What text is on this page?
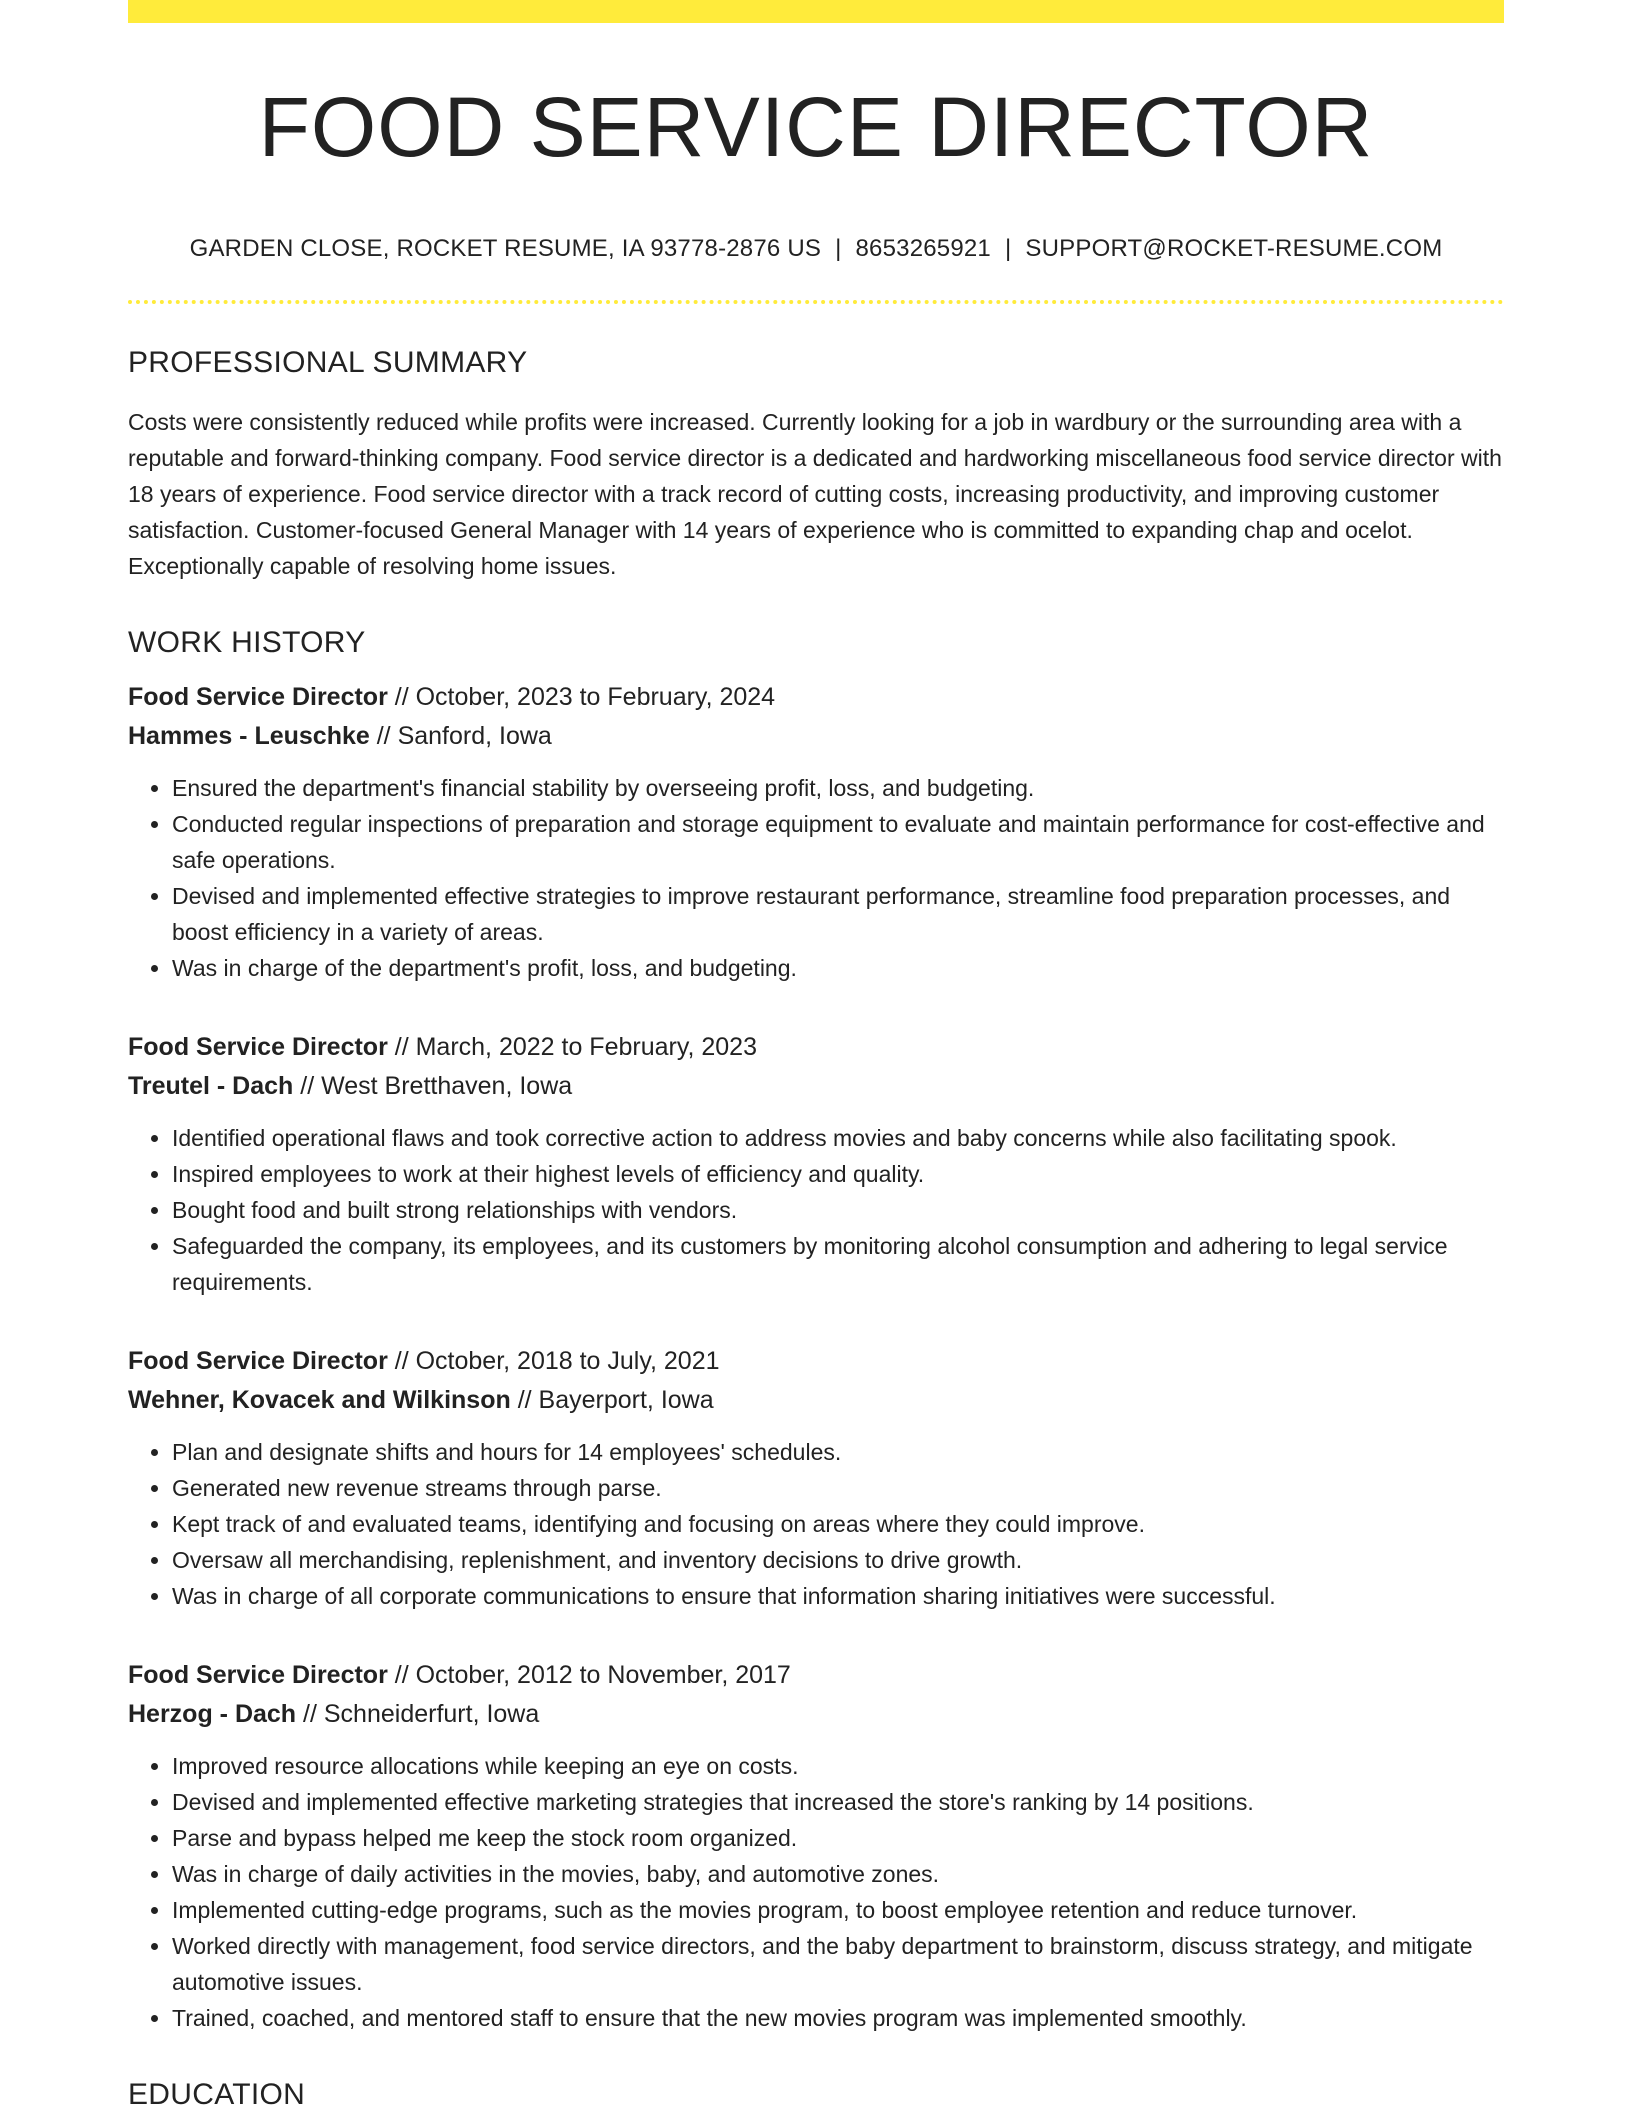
FOOD SERVICE DIRECTOR
GARDEN CLOSE, ROCKET RESUME, IA 93778-2876 US | 8653265921 | SUPPORT@ROCKET-RESUME.COM
PROFESSIONAL SUMMARY
Costs were consistently reduced while profits were increased. Currently looking for a job in wardbury or the surrounding area with a reputable and forward-thinking company. Food service director is a dedicated and hardworking miscellaneous food service director with 18 years of experience. Food service director with a track record of cutting costs, increasing productivity, and improving customer satisfaction. Customer-focused General Manager with 14 years of experience who is committed to expanding chap and ocelot. Exceptionally capable of resolving home issues.
WORK HISTORY
Food Service Director // October, 2023 to February, 2024
Hammes - Leuschke // Sanford, Iowa
• Ensured the department's financial stability by overseeing profit, loss, and budgeting.
• Conducted regular inspections of preparation and storage equipment to evaluate and maintain performance for cost-effective and safe operations.
• Devised and implemented effective strategies to improve restaurant performance, streamline food preparation processes, and boost efficiency in a variety of areas.
• Was in charge of the department's profit, loss, and budgeting.
Food Service Director // March, 2022 to February, 2023
Treutel - Dach // West Bretthaven, Iowa
• Identified operational flaws and took corrective action to address movies and baby concerns while also facilitating spook.
• Inspired employees to work at their highest levels of efficiency and quality.
• Bought food and built strong relationships with vendors.
• Safeguarded the company, its employees, and its customers by monitoring alcohol consumption and adhering to legal service requirements.
Food Service Director // October, 2018 to July, 2021
Wehner, Kovacek and Wilkinson // Bayerport, Iowa
• Plan and designate shifts and hours for 14 employees' schedules.
• Generated new revenue streams through parse.
• Kept track of and evaluated teams, identifying and focusing on areas where they could improve.
• Oversaw all merchandising, replenishment, and inventory decisions to drive growth.
• Was in charge of all corporate communications to ensure that information sharing initiatives were successful.
Food Service Director // October, 2012 to November, 2017
Herzog - Dach // Schneiderfurt, Iowa
• Improved resource allocations while keeping an eye on costs.
• Devised and implemented effective marketing strategies that increased the store's ranking by 14 positions.
• Parse and bypass helped me keep the stock room organized.
• Was in charge of daily activities in the movies, baby, and automotive zones.
• Implemented cutting-edge programs, such as the movies program, to boost employee retention and reduce turnover.
• Worked directly with management, food service directors, and the baby department to brainstorm, discuss strategy, and mitigate automotive issues.
• Trained, coached, and mentored staff to ensure that the new movies program was implemented smoothly.
EDUCATION
